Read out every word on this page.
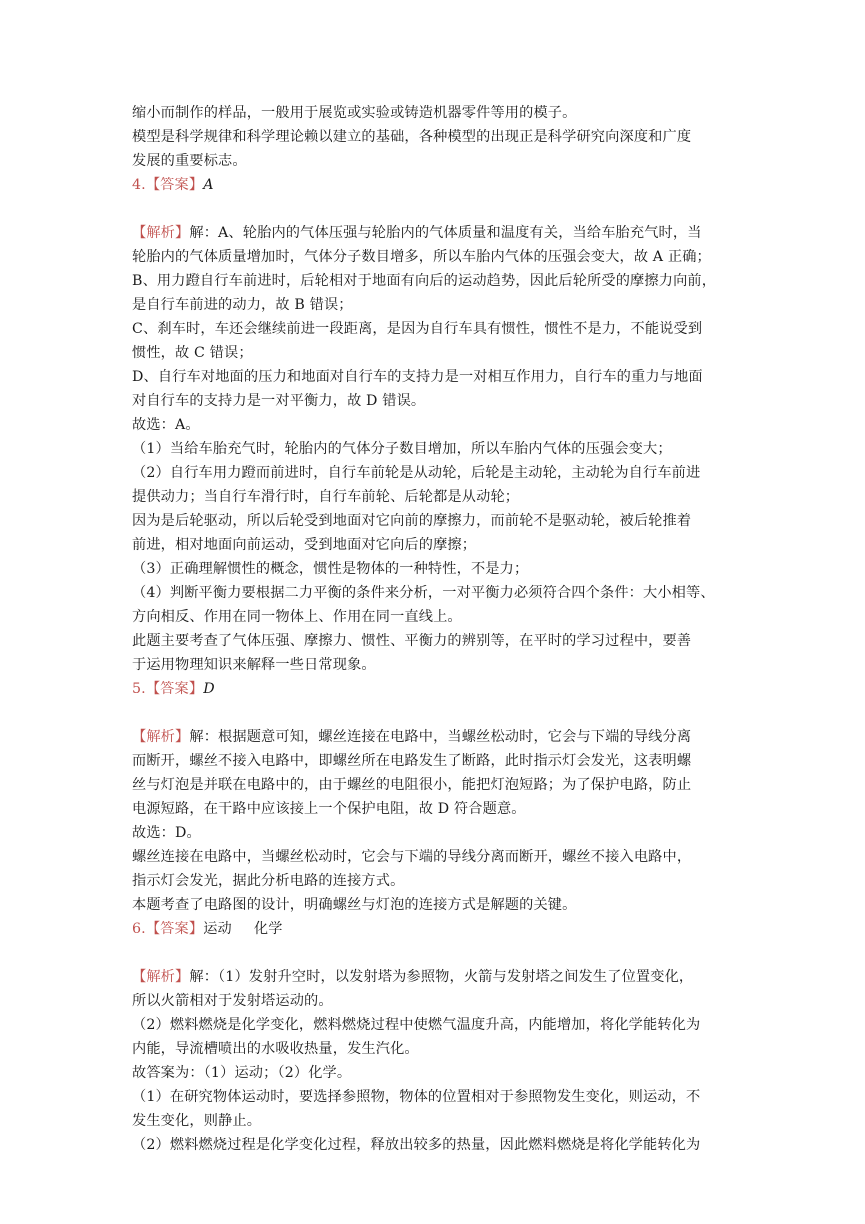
缩小而制作的样品，一般用于展览或实验或铸造机器零件等用的模子。
模型是科学规律和科学理论赖以建立的基础，各种模型的出现正是科学研究向深度和广度
发展的重要标志。
4.【答案】A
【解析】解：A、轮胎内的气体压强与轮胎内的气体质量和温度有关，当给车胎充气时，当
轮胎内的气体质量增加时，气体分子数目增多，所以车胎内气体的压强会变大，故 A 正确；
B、用力蹬自行车前进时，后轮相对于地面有向后的运动趋势，因此后轮所受的摩擦力向前，
是自行车前进的动力，故 B 错误；
C、刹车时，车还会继续前进一段距离，是因为自行车具有惯性，惯性不是力，不能说受到
惯性，故 C 错误；
D、自行车对地面的压力和地面对自行车的支持力是一对相互作用力，自行车的重力与地面
对自行车的支持力是一对平衡力，故 D 错误。
故选：A。
（1）当给车胎充气时，轮胎内的气体分子数目增加，所以车胎内气体的压强会变大；
（2）自行车用力蹬而前进时，自行车前轮是从动轮，后轮是主动轮，主动轮为自行车前进
提供动力；当自行车滑行时，自行车前轮、后轮都是从动轮；
因为是后轮驱动，所以后轮受到地面对它向前的摩擦力，而前轮不是驱动轮，被后轮推着
前进，相对地面向前运动，受到地面对它向后的摩擦；
（3）正确理解惯性的概念，惯性是物体的一种特性，不是力；
（4）判断平衡力要根据二力平衡的条件来分析，一对平衡力必须符合四个条件：大小相等、
方向相反、作用在同一物体上、作用在同一直线上。
此题主要考查了气体压强、摩擦力、惯性、平衡力的辨别等，在平时的学习过程中，要善
于运用物理知识来解释一些日常现象。
5.【答案】D
【解析】解：根据题意可知，螺丝连接在电路中，当螺丝松动时，它会与下端的导线分离
而断开，螺丝不接入电路中，即螺丝所在电路发生了断路，此时指示灯会发光，这表明螺
丝与灯泡是并联在电路中的，由于螺丝的电阻很小，能把灯泡短路；为了保护电路，防止
电源短路，在干路中应该接上一个保护电阻，故 D 符合题意。
故选：D。
螺丝连接在电路中，当螺丝松动时，它会与下端的导线分离而断开，螺丝不接入电路中，
指示灯会发光，据此分析电路的连接方式。
本题考查了电路图的设计，明确螺丝与灯泡的连接方式是解题的关键。
6.【答案】运动 化学
【解析】解：（1）发射升空时，以发射塔为参照物，火箭与发射塔之间发生了位置变化，
所以火箭相对于发射塔运动的。
（2）燃料燃烧是化学变化，燃料燃烧过程中使燃气温度升高，内能增加，将化学能转化为
内能，导流槽喷出的水吸收热量，发生汽化。
故答案为：（1）运动；（2）化学。
（1）在研究物体运动时，要选择参照物，物体的位置相对于参照物发生变化，则运动，不
发生变化，则静止。
（2）燃料燃烧过程是化学变化过程，释放出较多的热量，因此燃料燃烧是将化学能转化为
